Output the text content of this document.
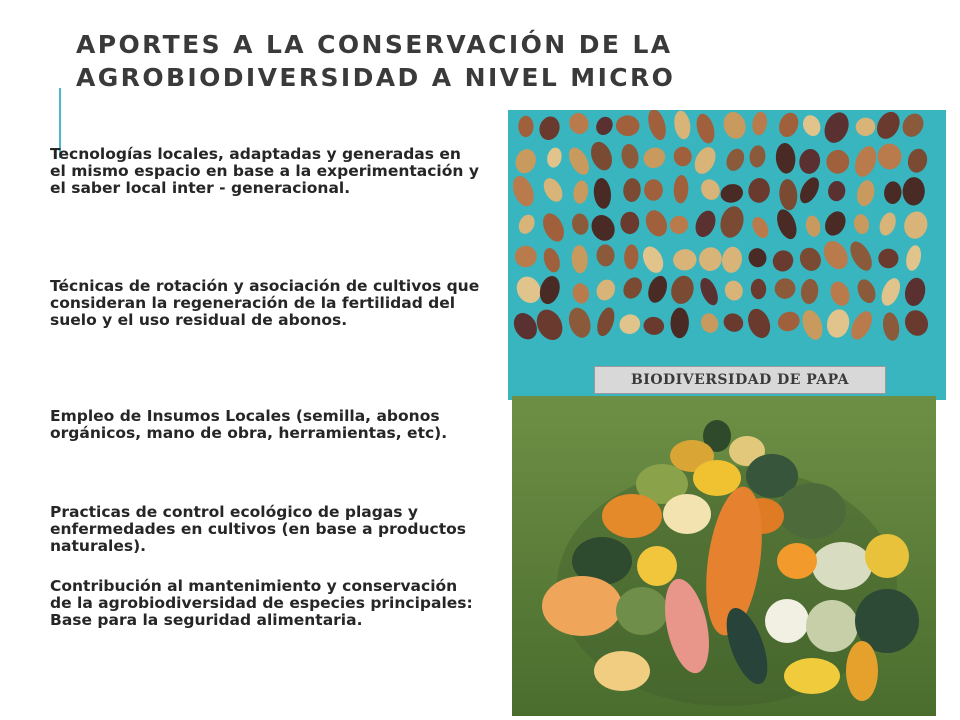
APORTES A LA CONSERVACIÓN DE LA
AGROBIODIVERSIDAD A NIVEL MICRO

Tecnologías locales, adaptadas y generadas en el mismo espacio en base a la experimentación y el saber local inter - generacional.

Técnicas de rotación y asociación de cultivos que consideran la regeneración de la fertilidad del suelo y el uso residual de abonos.

Empleo de Insumos Locales (semilla, abonos orgánicos, mano de obra, herramientas, etc).

Practicas de control ecológico de plagas y enfermedades en cultivos (en base a productos naturales).

Contribución al mantenimiento y conservación de la agrobiodiversidad de especies principales: Base para la seguridad alimentaria.

BIODIVERSIDAD DE PAPA
